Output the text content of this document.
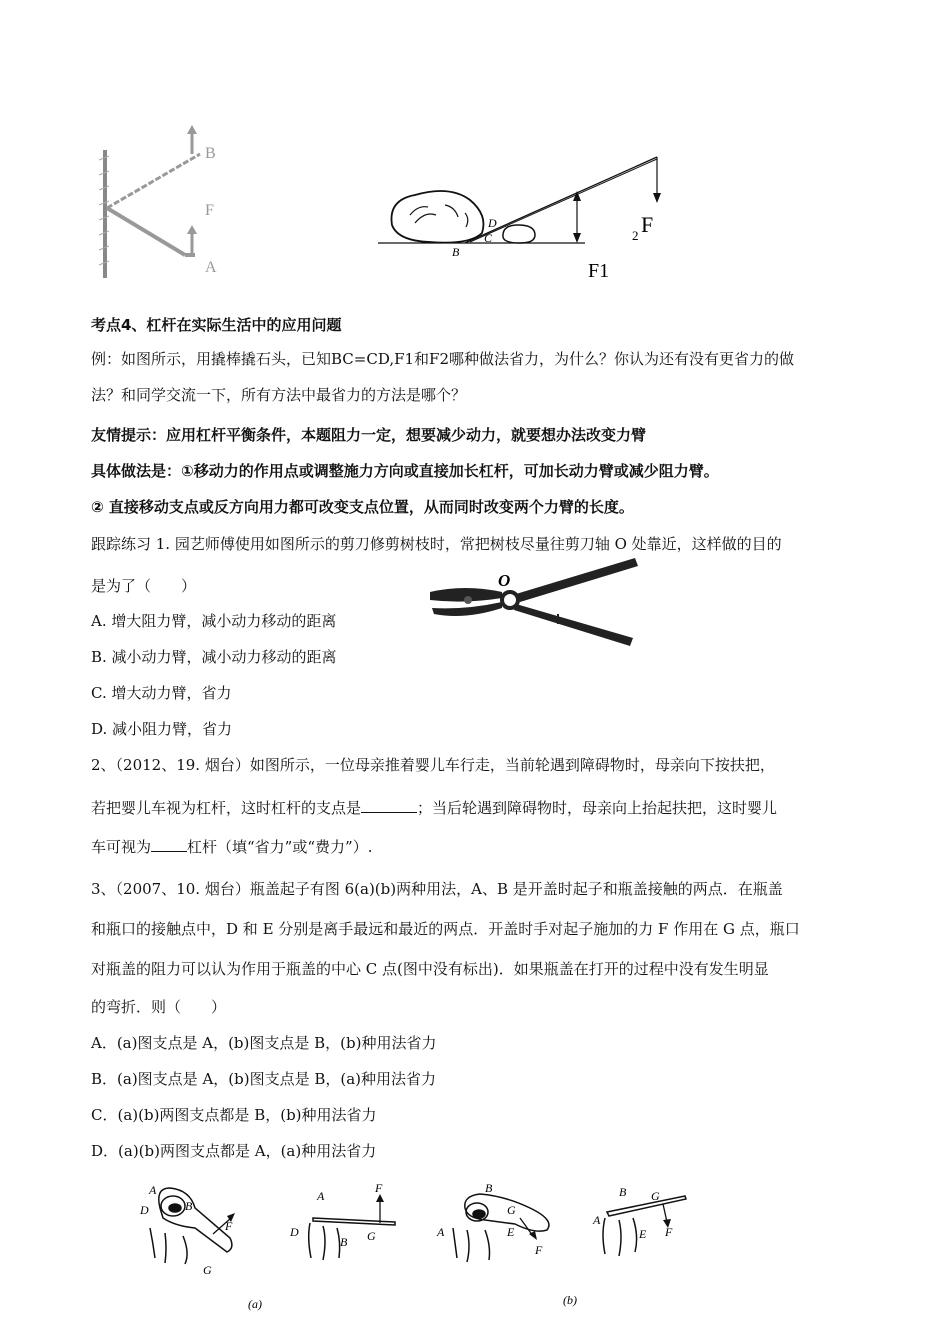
B
F
A
D
C
B
2 F
F1
考点4、杠杆在实际生活中的应用问题
例：如图所示，用撬棒撬石头，已知BC=CD,F1和F2哪种做法省力，为什么？你认为还有没有更省力的做
法？和同学交流一下，所有方法中最省力的方法是哪个？
友情提示：应用杠杆平衡条件，本题阻力一定，想要减少动力，就要想办法改变力臂
具体做法是：①移动力的作用点或调整施力方向或直接加长杠杆，可加长动力臂或减少阻力臂。
② 直接移动支点或反方向用力都可改变支点位置，从而同时改变两个力臂的长度。
跟踪练习 1. 园艺师傅使用如图所示的剪刀修剪树枝时，常把树枝尽量往剪刀轴 O 处靠近，这样做的目的
是为了（　　）
A. 增大阻力臂，减小动力移动的距离
B. 减小动力臂，减小动力移动的距离
C. 增大动力臂，省力
D. 减小阻力臂，省力
O
2、（2012、19. 烟台）如图所示，一位母亲推着婴儿车行走，当前轮遇到障碍物时，母亲向下按扶把，
若把婴儿车视为杠杆，这时杠杆的支点是	；当后轮遇到障碍物时，母亲向上抬起扶把，这时婴儿
车可视为 杠杆（填“省力”或“费力”）.
3、（2007、10. 烟台）瓶盖起子有图 6(a)(b)两种用法，A、B 是开盖时起子和瓶盖接触的两点．在瓶盖
和瓶口的接触点中，D 和 E 分别是离手最远和最近的两点．开盖时手对起子施加的力 F 作用在 G 点，瓶口
对瓶盖的阻力可以认为作用于瓶盖的中心 C 点(图中没有标出)．如果瓶盖在打开的过程中没有发生明显
的弯折．则（　　）
A．(a)图支点是 A，(b)图支点是 B，(b)种用法省力
B．(a)图支点是 A，(b)图支点是 B，(a)种用法省力
C．(a)(b)两图支点都是 B，(b)种用法省力
D．(a)(b)两图支点都是 A，(a)种用法省力
A
D	B
F
G
A
F
D
B G
B
G
A	E
F
B G
A
E F
(a)	(b)
